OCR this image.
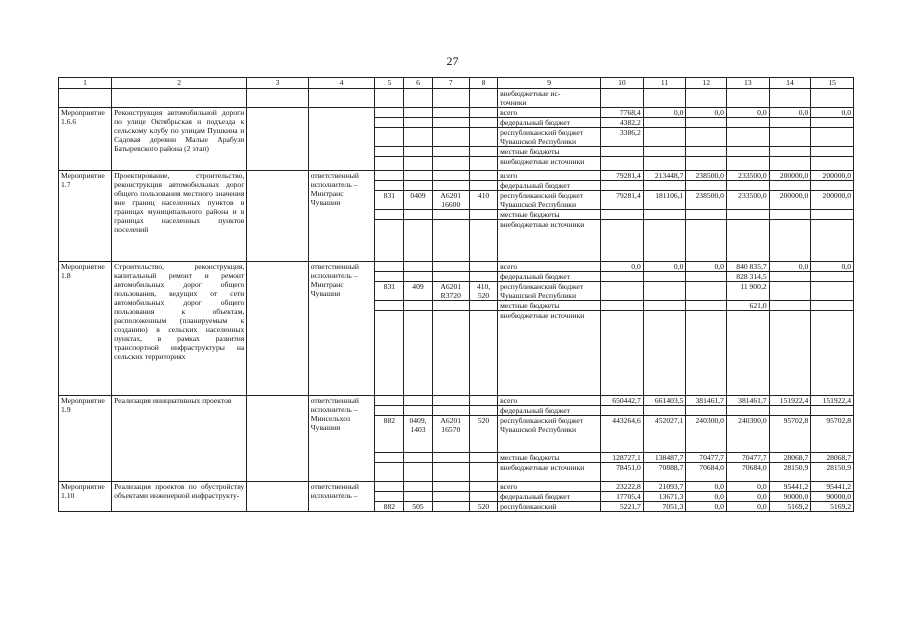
27
1	2	3	4	5	6	7	8	9	10	11	12	13	14	15
								внебюджетные ис-
точники						
Мероприятие 1.6.6	Реконструкция автомобильной дороги по улице Октябрьская и подъезда к сельскому клубу по улицам Пушкина и Садовая деревни Малые Арабузи Батыревского района (2 этап)							всего	7768,4	0,0	0,0	0,0	0,0	0,0
								федеральный бюджет	4382,2					
								республиканский бюджет Чувашской Республики	3386,2					
								местные бюджеты						
								внебюджетные источники						
Мероприятие 1.7	Проектирование, строительство, реконструкция автомобильных дорог общего пользования местного значения вне границ населенных пунктов в границах муниципального района и в границах населенных пунктов поселений		ответственный исполнитель – Минтранс Чувашии					всего	79281,4	213448,7	238500,0	233500,0	200000,0	200000,0
								федеральный бюджет						
				831	0409	А6201 16600	410	республиканский бюджет Чувашской Республики	79281,4	181106,1	238500,0	233500,0	200000,0	200000,0
								местные бюджеты						
								внебюджетные источники						
Мероприятие 1.8	Строительство, реконструкция, капитальный ремонт и ремонт автомобильных дорог общего пользования, ведущих от сети автомобильных дорог общего пользования к объектам, расположенным (планируемым к созданию) в сельских населенных пунктах, в рамках развития транспортной инфраструктуры на сельских территориях		ответственный исполнитель – Минтранс Чувашии					всего	0,0	0,0	0,0	840 835,7	0,0	0,0
								федеральный бюджет				828 314,5		
				831	409	А6201 R3720	410, 520	республиканский бюджет Чувашской Республики				11 900,2		
								местные бюджеты				621,0		
								внебюджетные источники						
Мероприятие 1.9	Реализация инициативных проектов		ответственный исполнитель – Минсельхоз Чувашии					всего	650442,7	661403,5	381461,7	381461,7	151922,4	151922,4
								федеральный бюджет						
				882	0409, 1403	А6201 16570	520	республиканский бюджет Чувашской Республики	443264,6	452027,1	240300,0	240300,0	95702,8	95702,8
								местные бюджеты	128727,1	138487,7	70477,7	70477,7	28068,7	28068,7
								внебюджетные источники	78451,0	70888,7	70684,0	70684,0	28150,9	28150,9
Мероприятие 1.10	Реализация проектов по обустройству объектами инженерной инфраструкту-		ответственный исполнитель –					всего	23222,8	21093,7	0,0	0,0	95441,2	95441,2
								федеральный бюджет	17705,4	13671,3	0,0	0,0	90000,0	90000,0
				882	505		520	республиканский	5221,7	7051,3	0,0	0,0	5169,2	5169,2
